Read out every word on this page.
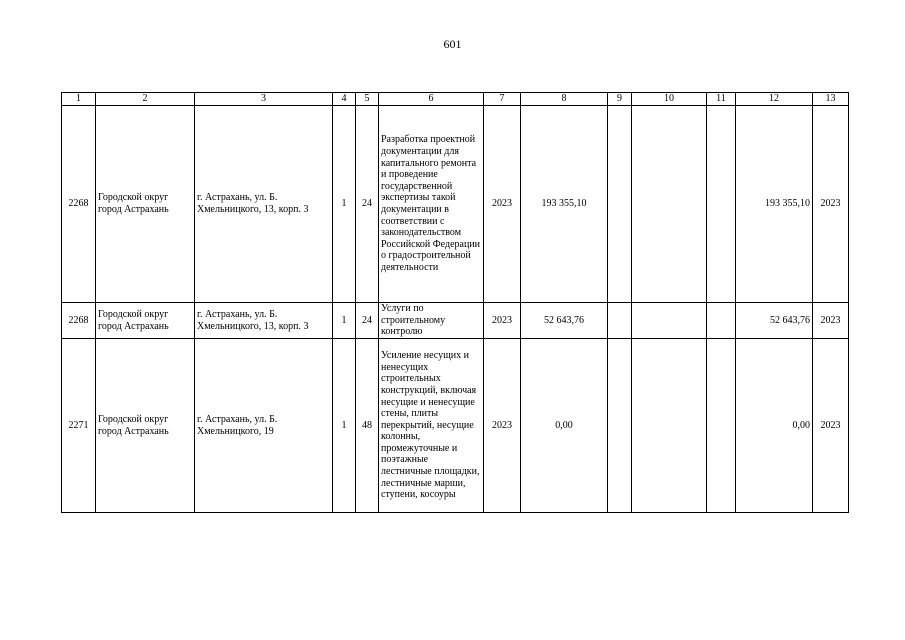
601
1	2	3	4	5	6	7	8	9	10	11	12	13
2268	Городской округ город Астрахань	г. Астрахань, ул. Б. Хмельницкого, 13, корп. 3	1	24	Разработка проектной документации для капитального ремонта и проведение государственной экспертизы такой документации в соответствии с законодательством Российской Федерации о градостроительной деятельности	2023	193 355,10				193 355,10	2023
2268	Городской округ город Астрахань	г. Астрахань, ул. Б. Хмельницкого, 13, корп. 3	1	24	Услуги по строительному контролю	2023	52 643,76				52 643,76	2023
2271	Городской округ город Астрахань	г. Астрахань, ул. Б. Хмельницкого, 19	1	48	Усиление несущих и ненесущих строительных конструкций, включая несущие и ненесущие стены, плиты перекрытий, несущие колонны, промежуточные и поэтажные лестничные площадки, лестничные марши, ступени, косоуры	2023	0,00				0,00	2023
